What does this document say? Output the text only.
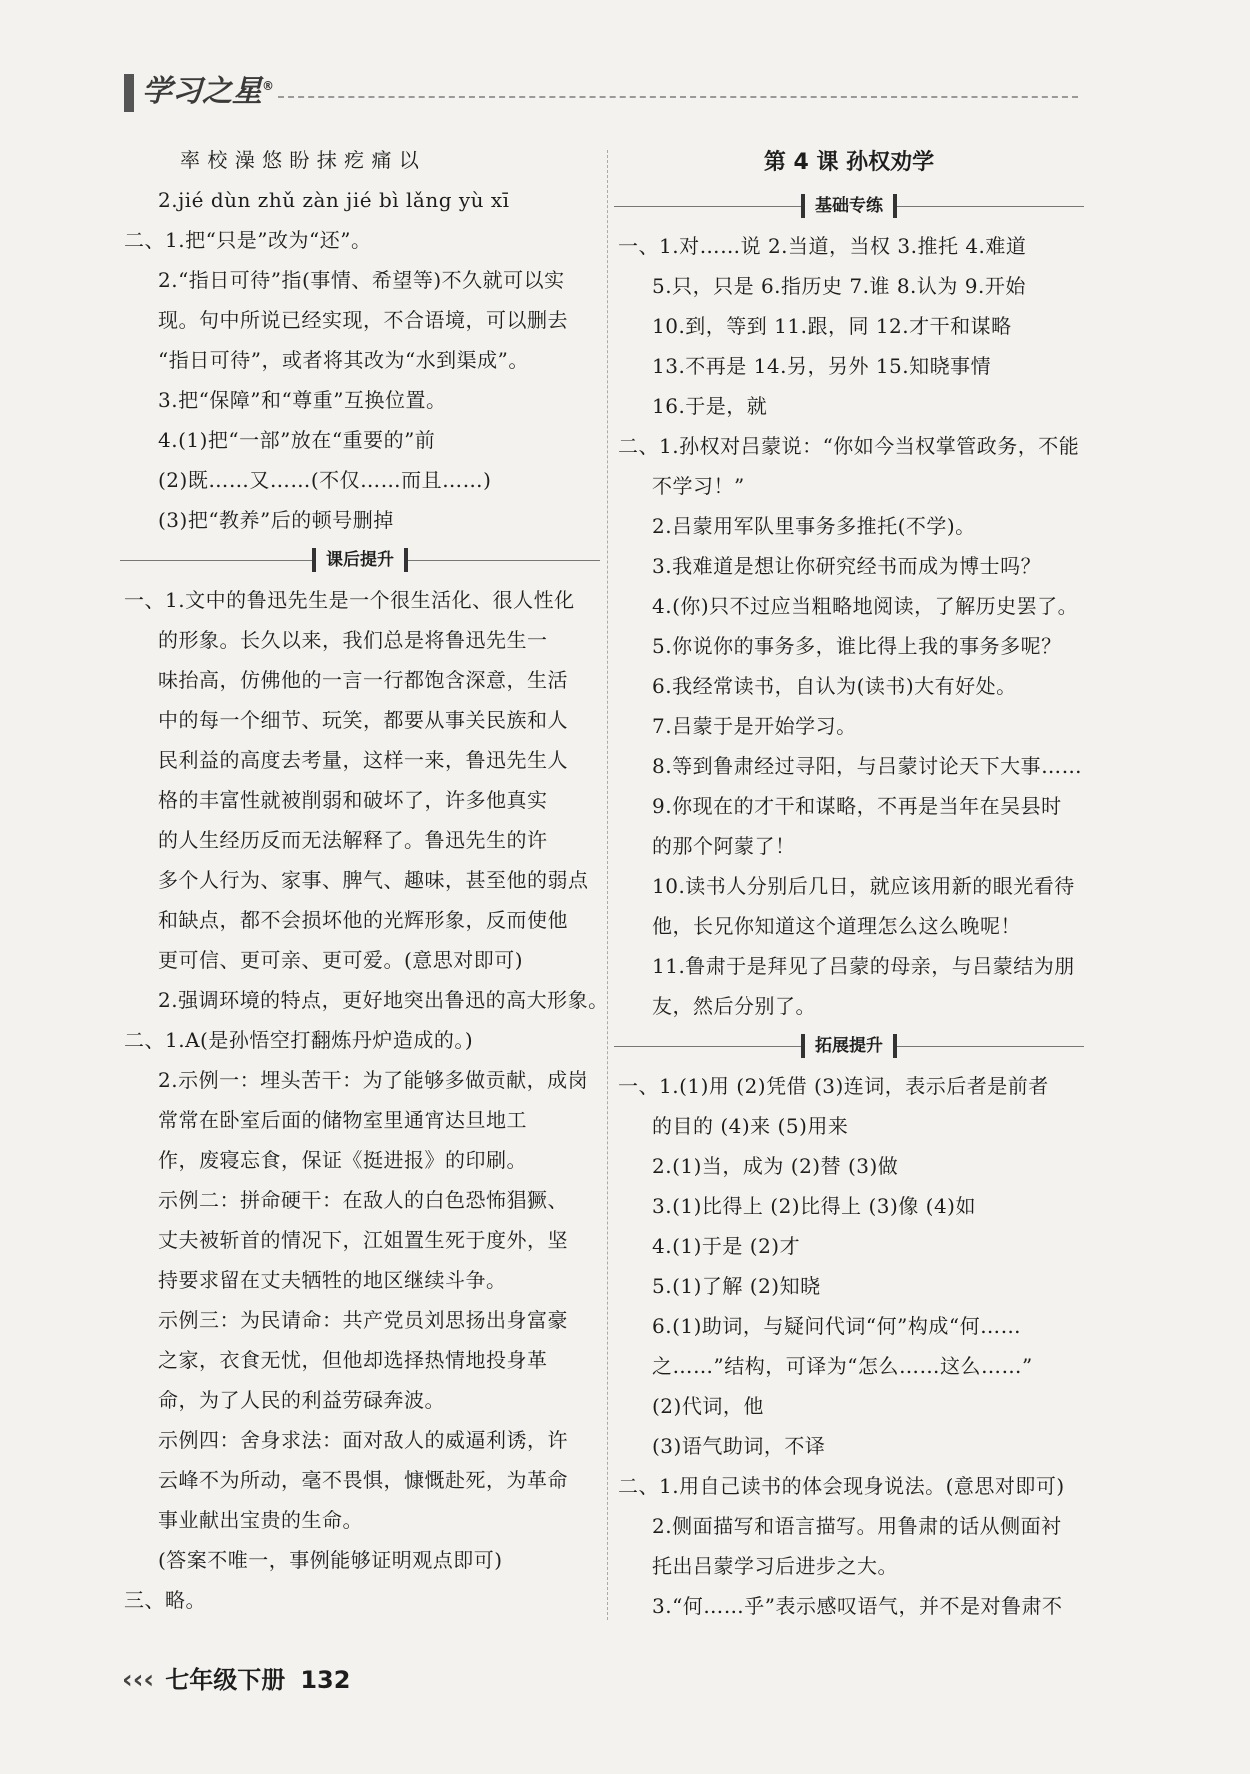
学习之星®
率 校 澡 悠 盼 抹 疙 痛 以
2.jié dùn zhǔ zàn jié bì lǎng yù xī
二、1.把“只是”改为“还”。
2.“指日可待”指(事情、希望等)不久就可以实
现。句中所说已经实现，不合语境，可以删去
“指日可待”，或者将其改为“水到渠成”。
3.把“保障”和“尊重”互换位置。
4.(1)把“一部”放在“重要的”前
(2)既……又……(不仅……而且……)
(3)把“教养”后的顿号删掉
课后提升
一、1.文中的鲁迅先生是一个很生活化、很人性化
的形象。长久以来，我们总是将鲁迅先生一
味抬高，仿佛他的一言一行都饱含深意，生活
中的每一个细节、玩笑，都要从事关民族和人
民利益的高度去考量，这样一来，鲁迅先生人
格的丰富性就被削弱和破坏了，许多他真实
的人生经历反而无法解释了。鲁迅先生的许
多个人行为、家事、脾气、趣味，甚至他的弱点
和缺点，都不会损坏他的光辉形象，反而使他
更可信、更可亲、更可爱。(意思对即可)
2.强调环境的特点，更好地突出鲁迅的高大形象。
二、1.A(是孙悟空打翻炼丹炉造成的。)
2.示例一：埋头苦干：为了能够多做贡献，成岗
常常在卧室后面的储物室里通宵达旦地工
作，废寝忘食，保证《挺进报》的印刷。
示例二：拼命硬干：在敌人的白色恐怖猖獗、
丈夫被斩首的情况下，江姐置生死于度外，坚
持要求留在丈夫牺牲的地区继续斗争。
示例三：为民请命：共产党员刘思扬出身富豪
之家，衣食无忧，但他却选择热情地投身革
命，为了人民的利益劳碌奔波。
示例四：舍身求法：面对敌人的威逼利诱，许
云峰不为所动，毫不畏惧，慷慨赴死，为革命
事业献出宝贵的生命。
(答案不唯一，事例能够证明观点即可)
三、略。
第 4 课 孙权劝学
基础专练
一、1.对……说 2.当道，当权 3.推托 4.难道
5.只，只是 6.指历史 7.谁 8.认为 9.开始
10.到，等到 11.跟，同 12.才干和谋略
13.不再是 14.另，另外 15.知晓事情
16.于是，就
二、1.孙权对吕蒙说：“你如今当权掌管政务，不能
不学习！”
2.吕蒙用军队里事务多推托(不学)。
3.我难道是想让你研究经书而成为博士吗？
4.(你)只不过应当粗略地阅读，了解历史罢了。
5.你说你的事务多，谁比得上我的事务多呢？
6.我经常读书，自认为(读书)大有好处。
7.吕蒙于是开始学习。
8.等到鲁肃经过寻阳，与吕蒙讨论天下大事……
9.你现在的才干和谋略，不再是当年在吴县时
的那个阿蒙了！
10.读书人分别后几日，就应该用新的眼光看待
他，长兄你知道这个道理怎么这么晚呢！
11.鲁肃于是拜见了吕蒙的母亲，与吕蒙结为朋
友，然后分别了。
拓展提升
一、1.(1)用 (2)凭借 (3)连词，表示后者是前者
的目的 (4)来 (5)用来
2.(1)当，成为 (2)替 (3)做
3.(1)比得上 (2)比得上 (3)像 (4)如
4.(1)于是 (2)才
5.(1)了解 (2)知晓
6.(1)助词，与疑问代词“何”构成“何……
之……”结构，可译为“怎么……这么……”
(2)代词，他
(3)语气助词，不译
二、1.用自己读书的体会现身说法。(意思对即可)
2.侧面描写和语言描写。用鲁肃的话从侧面衬
托出吕蒙学习后进步之大。
3.“何……乎”表示感叹语气，并不是对鲁肃不
‹‹‹ 七年级下册 132
